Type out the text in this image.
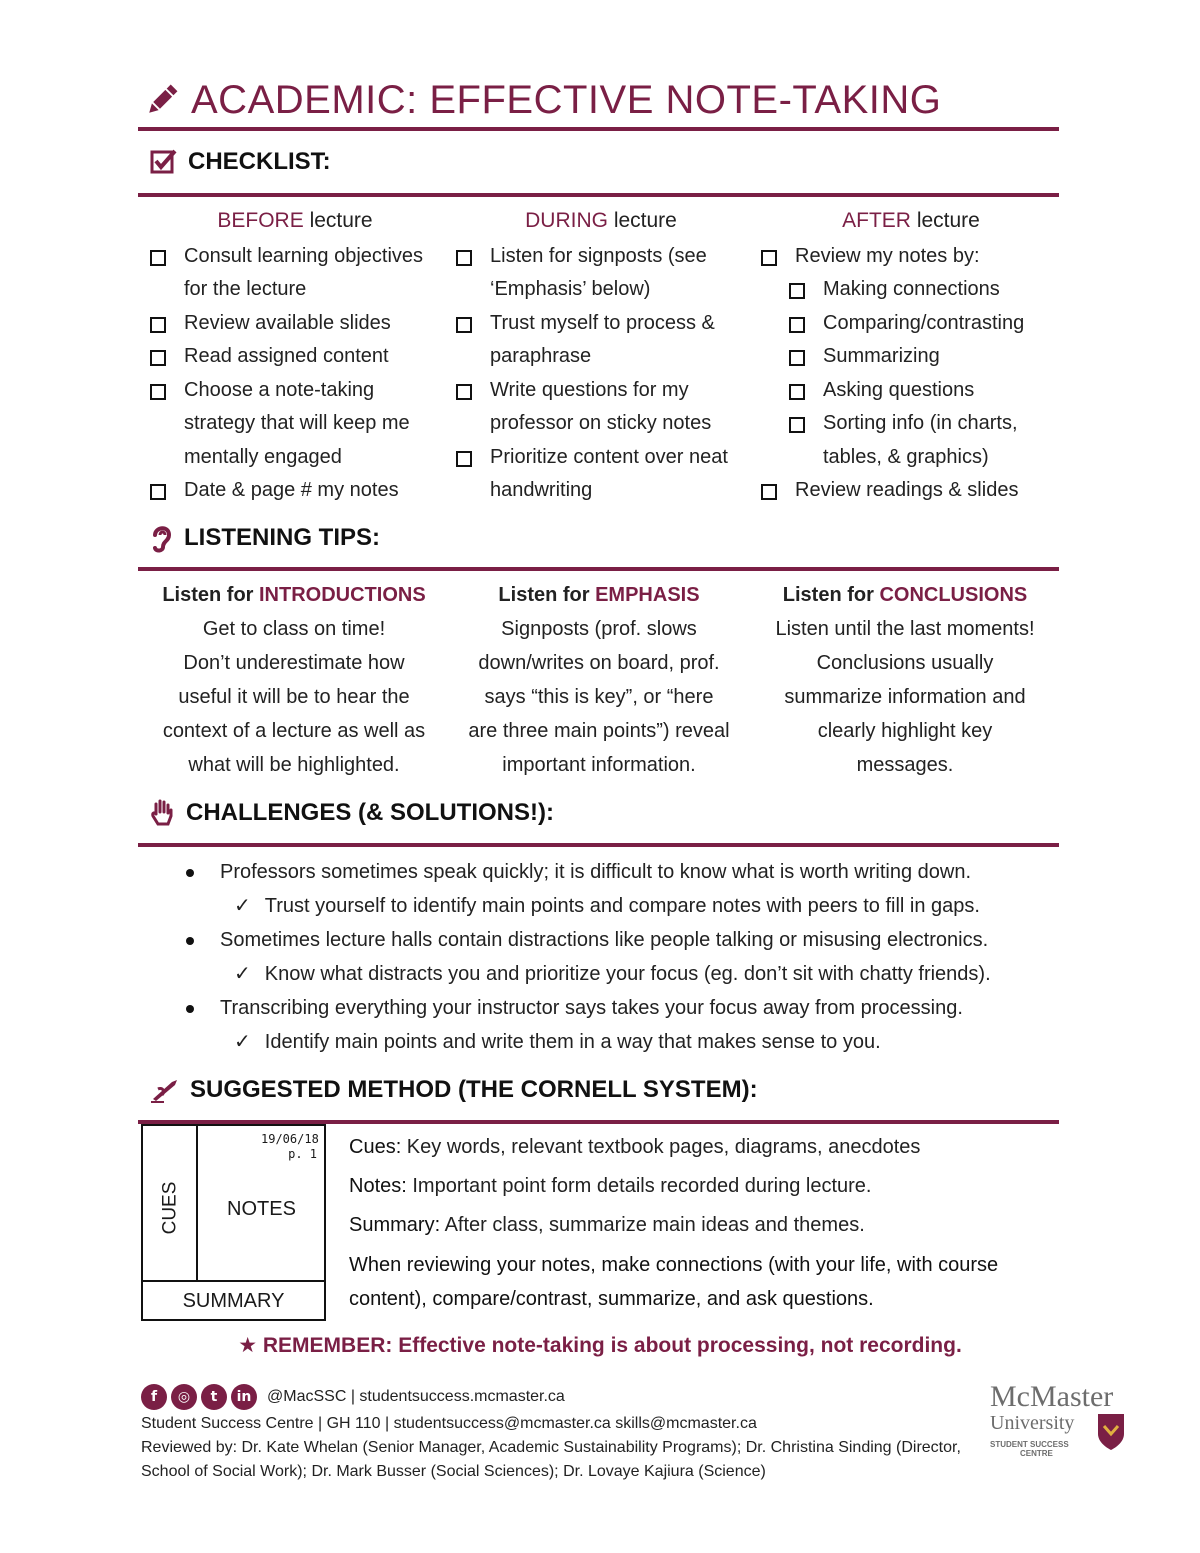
ACADEMIC: EFFECTIVE NOTE-TAKING
CHECKLIST:
BEFORE lecture
Consult learning objectives for the lecture
Review available slides
Read assigned content
Choose a note-taking strategy that will keep me mentally engaged
Date & page # my notes
DURING lecture
Listen for signposts (see ‘Emphasis’ below)
Trust myself to process & paraphrase
Write questions for my professor on sticky notes
Prioritize content over neat handwriting
AFTER lecture
Review my notes by:
Making connections
Comparing/contrasting
Summarizing
Asking questions
Sorting info (in charts, tables, & graphics)
Review readings & slides
LISTENING TIPS:
Listen for INTRODUCTIONS
Get to class on time!
Don’t underestimate how
useful it will be to hear the
context of a lecture as well as
what will be highlighted.
Listen for EMPHASIS
Signposts (prof. slows
down/writes on board, prof.
says “this is key”, or “here
are three main points”) reveal
important information.
Listen for CONCLUSIONS
Listen until the last moments!
Conclusions usually
summarize information and
clearly highlight key
messages.
CHALLENGES (& SOLUTIONS!):
Professors sometimes speak quickly; it is difficult to know what is worth writing down.
✓ Trust yourself to identify main points and compare notes with peers to fill in gaps.
Sometimes lecture halls contain distractions like people talking or misusing electronics.
✓ Know what distracts you and prioritize your focus (eg. don’t sit with chatty friends).
Transcribing everything your instructor says takes your focus away from processing.
✓ Identify main points and write them in a way that makes sense to you.
SUGGESTED METHOD (THE CORNELL SYSTEM):
19/06/18
p. 1
CUES	NOTES
SUMMARY
Cues: Key words, relevant textbook pages, diagrams, anecdotes
Notes: Important point form details recorded during lecture.
Summary: After class, summarize main ideas and themes.
When reviewing your notes, make connections (with your life, with course content), compare/contrast, summarize, and ask questions.
★ REMEMBER: Effective note-taking is about processing, not recording.
f	◎	t	in @MacSSC | studentsuccess.mcmaster.ca
Student Success Centre | GH 110 | studentsuccess@mcmaster.ca skills@mcmaster.ca
Reviewed by: Dr. Kate Whelan (Senior Manager, Academic Sustainability Programs); Dr. Christina Sinding (Director, School of Social Work); Dr. Mark Busser (Social Sciences); Dr. Lovaye Kajiura (Science)
McMaster
University
STUDENT SUCCESS
CENTRE
